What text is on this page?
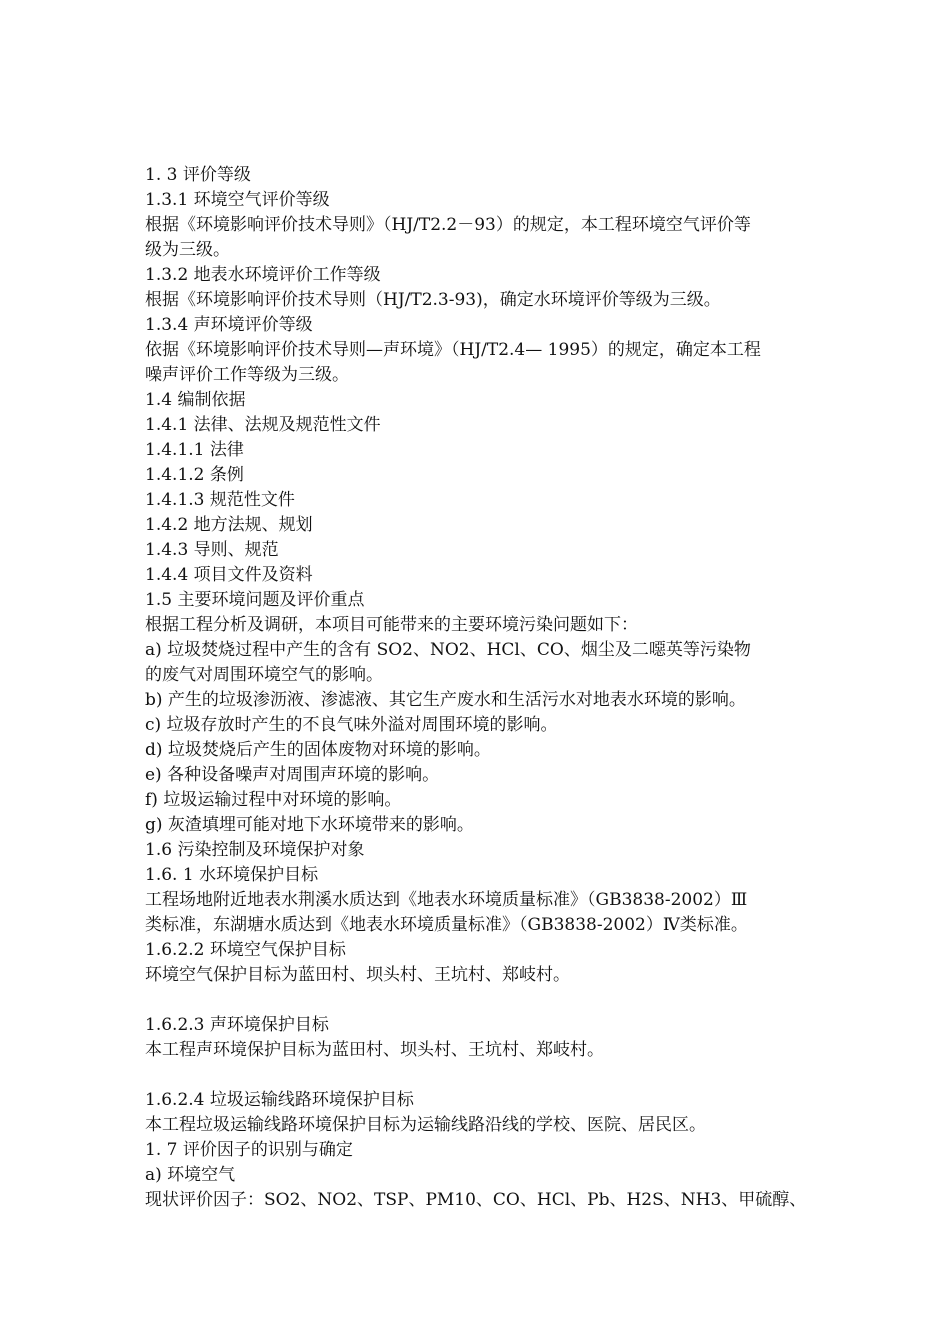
1. 3 评价等级
1.3.1 环境空气评价等级
根据《环境影响评价技术导则》（HJ/T2.2－93）的规定，本工程环境空气评价等
级为三级。
1.3.2 地表水环境评价工作等级
根据《环境影响评价技术导则（HJ/T2.3-93)，确定水环境评价等级为三级。
1.3.4 声环境评价等级
依据《环境影响评价技术导则—声环境》（HJ/T2.4— 1995）的规定，确定本工程
噪声评价工作等级为三级。
1.4 编制依据
1.4.1 法律、法规及规范性文件
1.4.1.1 法律
1.4.1.2 条例
1.4.1.3 规范性文件
1.4.2 地方法规、规划
1.4.3 导则、规范
1.4.4 项目文件及资料
1.5 主要环境问题及评价重点
根据工程分析及调研，本项目可能带来的主要环境污染问题如下：
a) 垃圾焚烧过程中产生的含有 SO2、NO2、HCl、CO、烟尘及二噁英等污染物
的废气对周围环境空气的影响。
b) 产生的垃圾渗沥液、渗滤液、其它生产废水和生活污水对地表水环境的影响。
c) 垃圾存放时产生的不良气味外溢对周围环境的影响。
d) 垃圾焚烧后产生的固体废物对环境的影响。
e) 各种设备噪声对周围声环境的影响。
f) 垃圾运输过程中对环境的影响。
g) 灰渣填埋可能对地下水环境带来的影响。
1.6 污染控制及环境保护对象
1.6. 1 水环境保护目标
工程场地附近地表水荆溪水质达到《地表水环境质量标准》（GB3838-2002）Ⅲ
类标准，东湖塘水质达到《地表水环境质量标准》（GB3838-2002）Ⅳ类标准。
1.6.2.2 环境空气保护目标
环境空气保护目标为蓝田村、坝头村、王坑村、郑岐村。
1.6.2.3 声环境保护目标
本工程声环境保护目标为蓝田村、坝头村、王坑村、郑岐村。
1.6.2.4 垃圾运输线路环境保护目标
本工程垃圾运输线路环境保护目标为运输线路沿线的学校、医院、居民区。
1. 7 评价因子的识别与确定
a) 环境空气
现状评价因子：SO2、NO2、TSP、PM10、CO、HCl、Pb、H2S、NH3、甲硫醇、
